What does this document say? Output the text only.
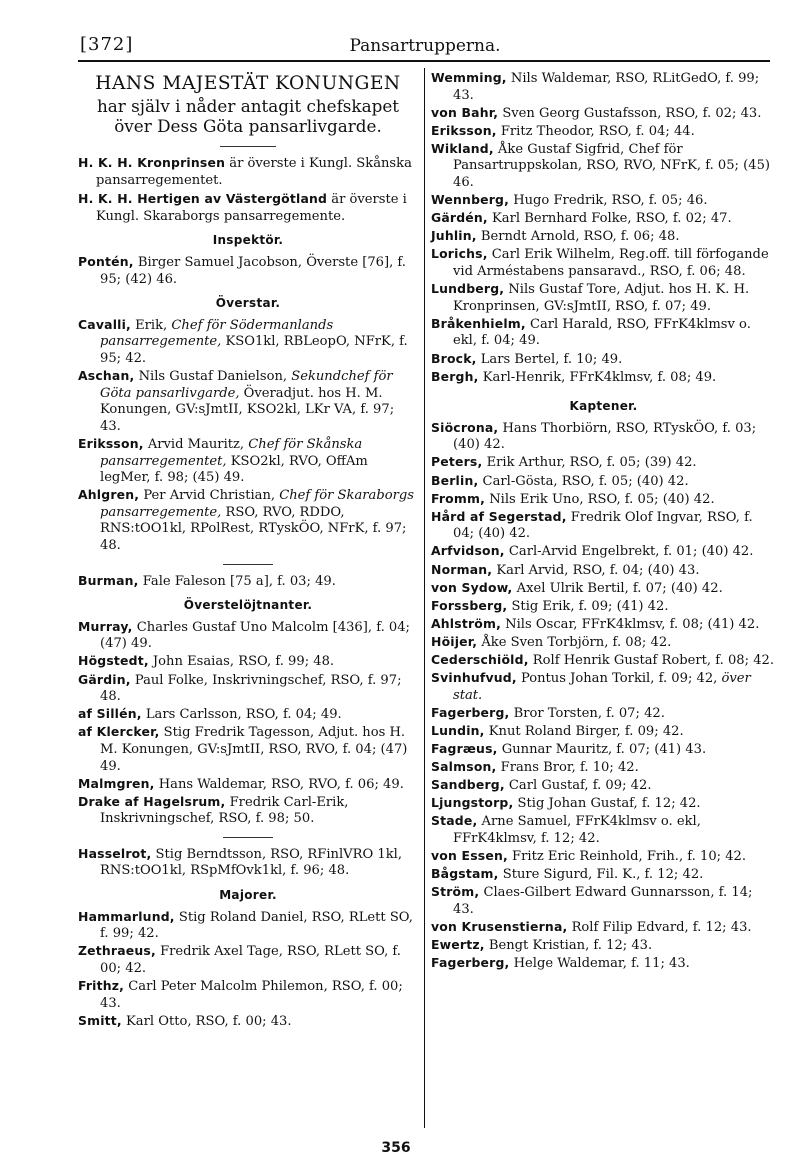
[372]	Pansartrupperna.
HANS MAJESTÄT KONUNGEN
har själv i nåder antagit chefskapet
över Dess Göta pansarlivgarde.

H. K. H. Kronprinsen är överste i Kungl. Skånska pansarregementet.

H. K. H. Hertigen av Västergötland är överste i Kungl. Skaraborgs pansarregemente.

Inspektör.

Pontén, Birger Samuel Jacobson, Överste [76], f. 95; (42) 46.

Överstar.

Cavalli, Erik, Chef för Södermanlands pansarregemente, KSO1kl, RBLeopO, NFrK, f. 95; 42.

Aschan, Nils Gustaf Danielson, Sekundchef för Göta pansarlivgarde, Överadjut. hos H. M. Konungen, GV:sJmtII, KSO2kl, LKr VA, f. 97; 43.

Eriksson, Arvid Mauritz, Chef för Skånska pansarregementet, KSO2kl, RVO, OffAm legMer, f. 98; (45) 49.

Ahlgren, Per Arvid Christian, Chef för Skaraborgs pansarregemente, RSO, RVO, RDDO, RNS:tOO1kl, RPolRest, RTyskÖO, NFrK, f. 97; 48.

Burman, Fale Faleson [75 a], f. 03; 49.

Överstelöjtnanter.

Murray, Charles Gustaf Uno Malcolm [436], f. 04; (47) 49.

Högstedt, John Esaias, RSO, f. 99; 48.

Gärdin, Paul Folke, Inskrivningschef, RSO, f. 97; 48.

af Sillén, Lars Carlsson, RSO, f. 04; 49.

af Klercker, Stig Fredrik Tagesson, Adjut. hos H. M. Konungen, GV:sJmtII, RSO, RVO, f. 04; (47) 49.

Malmgren, Hans Waldemar, RSO, RVO, f. 06; 49.

Drake af Hagelsrum, Fredrik Carl-Erik, Inskrivningschef, RSO, f. 98; 50.

Hasselrot, Stig Berndtsson, RSO, RFinlVRO 1kl, RNS:tOO1kl, RSpMfOvk1kl, f. 96; 48.

Majorer.

Hammarlund, Stig Roland Daniel, RSO, RLett SO, f. 99; 42.

Zethraeus, Fredrik Axel Tage, RSO, RLett SO, f. 00; 42.

Frithz, Carl Peter Malcolm Philemon, RSO, f. 00; 43.

Smitt, Karl Otto, RSO, f. 00; 43.

Wemming, Nils Waldemar, RSO, RLitGedO, f. 99; 43.

von Bahr, Sven Georg Gustafsson, RSO, f. 02; 43.

Eriksson, Fritz Theodor, RSO, f. 04; 44.

Wikland, Åke Gustaf Sigfrid, Chef för Pansartruppskolan, RSO, RVO, NFrK, f. 05; (45) 46.

Wennberg, Hugo Fredrik, RSO, f. 05; 46.

Gärdén, Karl Bernhard Folke, RSO, f. 02; 47.

Juhlin, Berndt Arnold, RSO, f. 06; 48.

Lorichs, Carl Erik Wilhelm, Reg.off. till förfogande vid Arméstabens pansaravd., RSO, f. 06; 48.

Lundberg, Nils Gustaf Tore, Adjut. hos H. K. H. Kronprinsen, GV:sJmtII, RSO, f. 07; 49.

Bråkenhielm, Carl Harald, RSO, FFrK4klmsv o. ekl, f. 04; 49.

Brock, Lars Bertel, f. 10; 49.

Bergh, Karl-Henrik, FFrK4klmsv, f. 08; 49.

Kaptener.

Siöcrona, Hans Thorbiörn, RSO, RTyskÖO, f. 03; (40) 42.

Peters, Erik Arthur, RSO, f. 05; (39) 42.

Berlin, Carl-Gösta, RSO, f. 05; (40) 42.

Fromm, Nils Erik Uno, RSO, f. 05; (40) 42.

Hård af Segerstad, Fredrik Olof Ingvar, RSO, f. 04; (40) 42.

Arfvidson, Carl-Arvid Engelbrekt, f. 01; (40) 42.

Norman, Karl Arvid, RSO, f. 04; (40) 43.

von Sydow, Axel Ulrik Bertil, f. 07; (40) 42.

Forssberg, Stig Erik, f. 09; (41) 42.

Ahlström, Nils Oscar, FFrK4klmsv, f. 08; (41) 42.

Höijer, Åke Sven Torbjörn, f. 08; 42.

Cederschiöld, Rolf Henrik Gustaf Robert, f. 08; 42.

Svinhufvud, Pontus Johan Torkil, f. 09; 42, över stat.

Fagerberg, Bror Torsten, f. 07; 42.

Lundin, Knut Roland Birger, f. 09; 42.

Fagræus, Gunnar Mauritz, f. 07; (41) 43.

Salmson, Frans Bror, f. 10; 42.

Sandberg, Carl Gustaf, f. 09; 42.

Ljungstorp, Stig Johan Gustaf, f. 12; 42.

Stade, Arne Samuel, FFrK4klmsv o. ekl, FFrK4klmsv, f. 12; 42.

von Essen, Fritz Eric Reinhold, Frih., f. 10; 42.

Bågstam, Sture Sigurd, Fil. K., f. 12; 42.

Ström, Claes-Gilbert Edward Gunnarsson, f. 14; 43.

von Krusenstierna, Rolf Filip Edvard, f. 12; 43.

Ewertz, Bengt Kristian, f. 12; 43.

Fagerberg, Helge Waldemar, f. 11; 43.

356
